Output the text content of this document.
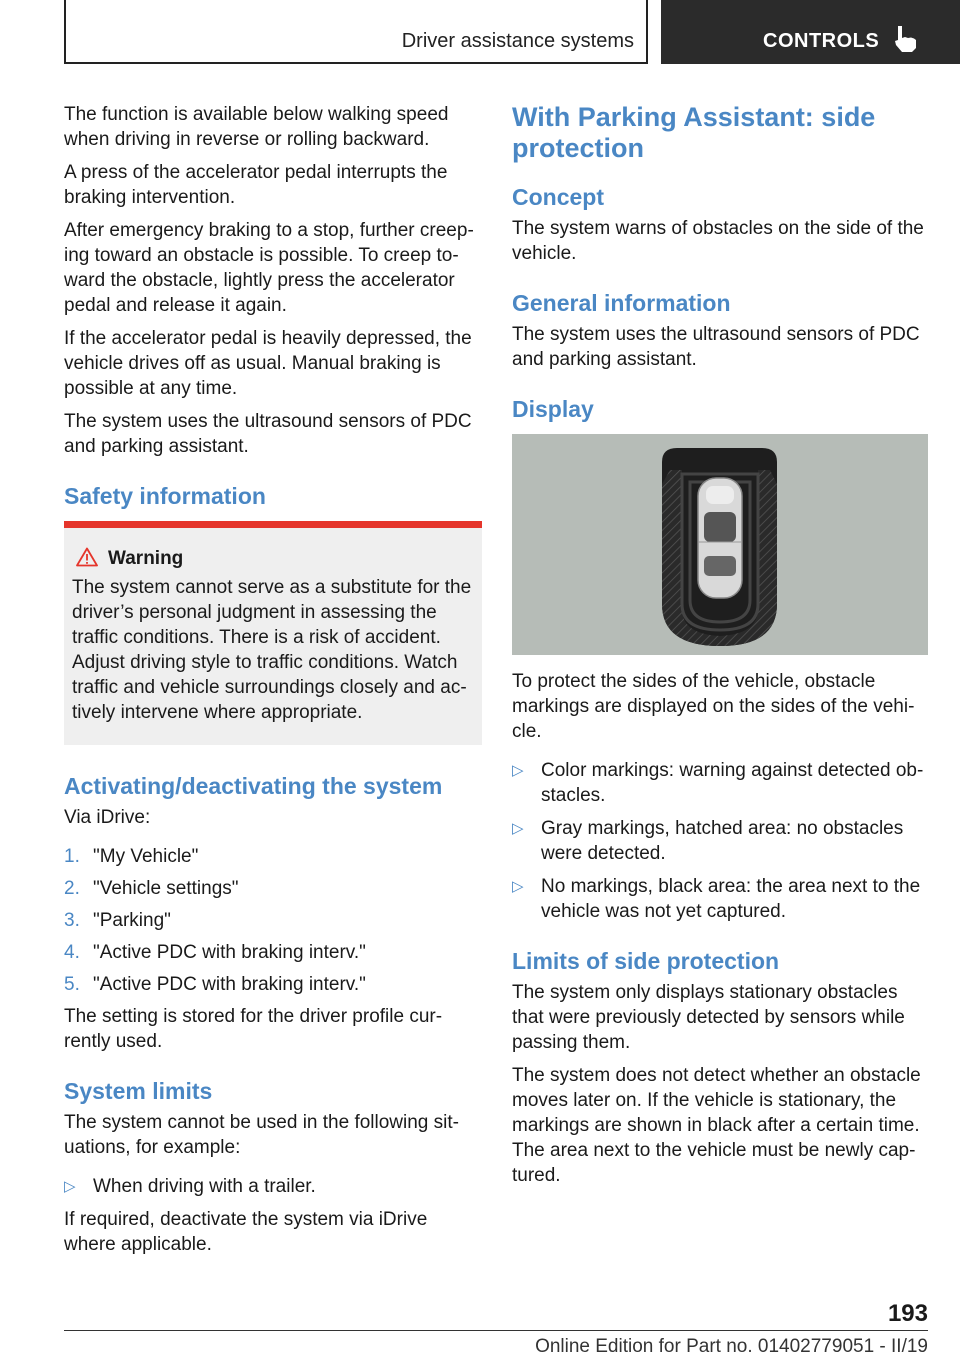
Driver assistance systems	CONTROLS

The function is available below walking speed when driving in reverse or rolling backward.

A press of the accelerator pedal interrupts the braking intervention.

After emergency braking to a stop, further creeping toward an obstacle is possible. To creep toward the obstacle, lightly press the accelerator pedal and release it again.

If the accelerator pedal is heavily depressed, the vehicle drives off as usual. Manual braking is possible at any time.

The system uses the ultrasound sensors of PDC and parking assistant.

Safety information
Warning

The system cannot serve as a substitute for the driver’s personal judgment in assessing the traffic conditions. There is a risk of accident. Adjust driving style to traffic conditions. Watch traffic and vehicle surroundings closely and actively intervene where appropriate.

Activating/deactivating the system

Via iDrive:

1. "My Vehicle"
2. "Vehicle settings"
3. "Parking"
4. "Active PDC with braking interv."
5. "Active PDC with braking interv."

The setting is stored for the driver profile currently used.

System limits

The system cannot be used in the following situations, for example:

▷ When driving with a trailer.

If required, deactivate the system via iDrive where applicable.

With Parking Assistant: side protection
Concept

The system warns of obstacles on the side of the vehicle.

General information

The system uses the ultrasound sensors of PDC and parking assistant.

Display

To protect the sides of the vehicle, obstacle markings are displayed on the sides of the vehicle.

▷ Color markings: warning against detected obstacles.
▷ Gray markings, hatched area: no obstacles were detected.
▷ No markings, black area: the area next to the vehicle was not yet captured.
Limits of side protection

The system only displays stationary obstacles that were previously detected by sensors while passing them.

The system does not detect whether an obstacle moves later on. If the vehicle is stationary, the markings are shown in black after a certain time. The area next to the vehicle must be newly captured.

193
Online Edition for Part no. 01402779051 - II/19
